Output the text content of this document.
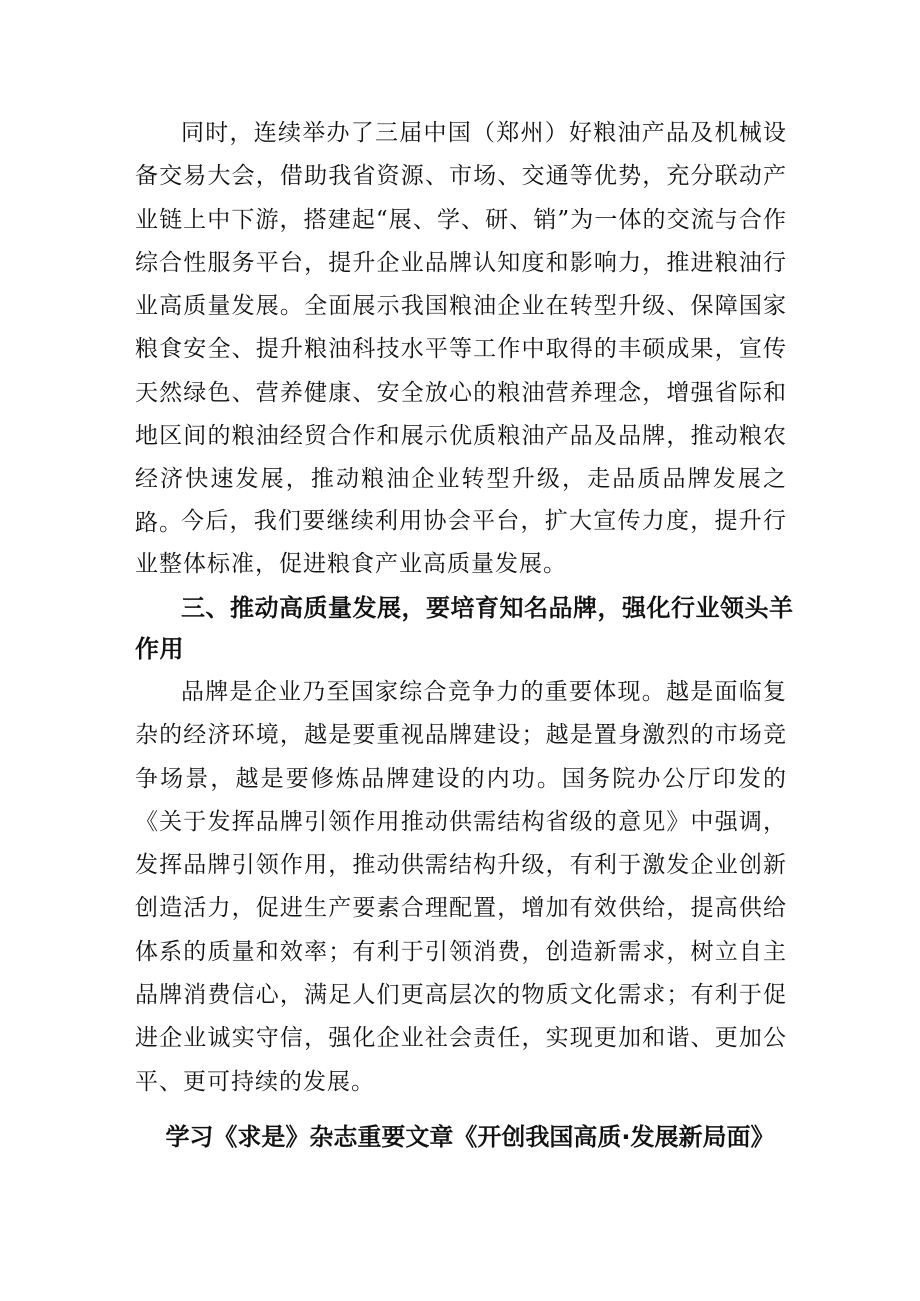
同时，连续举办了三届中国（郑州）好粮油产品及机械设备交易大会，借助我省资源、市场、交通等优势，充分联动产业链上中下游，搭建起“展、学、研、销”为一体的交流与合作综合性服务平台，提升企业品牌认知度和影响力，推进粮油行业高质量发展。全面展示我国粮油企业在转型升级、保障国家粮食安全、提升粮油科技水平等工作中取得的丰硕成果，宣传天然绿色、营养健康、安全放心的粮油营养理念，增强省际和地区间的粮油经贸合作和展示优质粮油产品及品牌，推动粮农经济快速发展，推动粮油企业转型升级，走品质品牌发展之路。

今后，我们要继续利用协会平台，扩大宣传力度，提升行业整体标准，促进粮食产业高质量发展。

三、推动高质量发展，要培育知名品牌，强化行业领头羊作用

品牌是企业乃至国家综合竞争力的重要体现。越是面临复杂的经济环境，越是要重视品牌建设；越是置身激烈的市场竞争场景，越是要修炼品牌建设的内功。国务院办公厅印发的《关于发挥品牌引领作用推动供需结构省级的意见》中强调，发挥品牌引领作用，推动供需结构升级，有利于激发企业创新创造活力，促进生产要素合理配置，增加有效供给，提高供给体系的质量和效率；有利于引领消费，创造新需求，树立自主品牌消费信心，满足人们更高层次的物质文化需求；有利于促进企业诚实守信，强化企业社会责任，实现更加和谐、更加公平、更可持续的发展。

学习《求是》杂志重要文章《开创我国高质·发展新局面》
